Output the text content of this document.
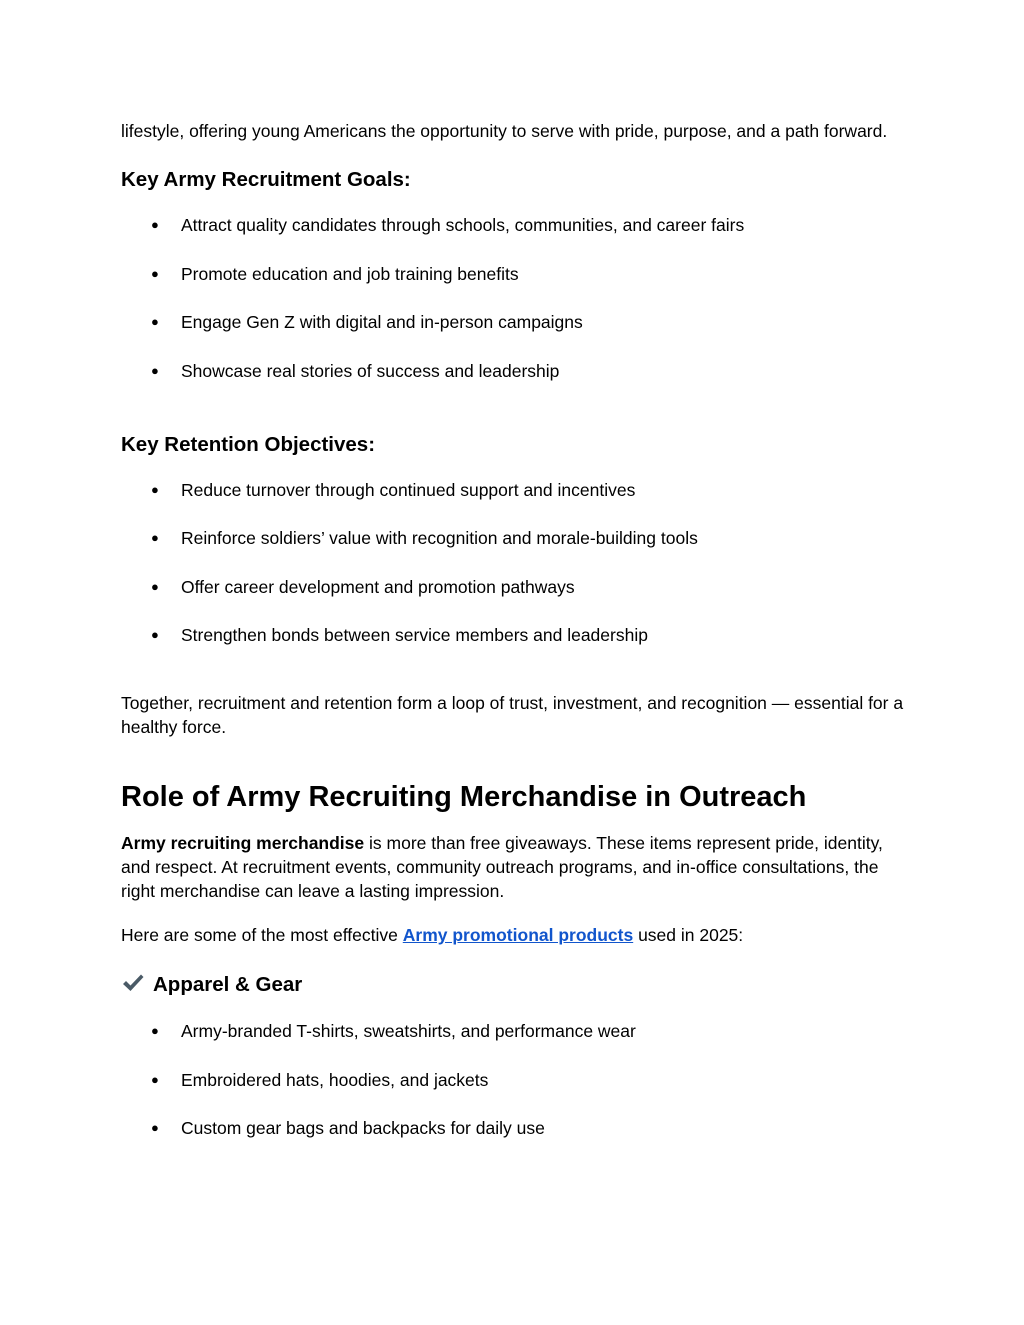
lifestyle, offering young Americans the opportunity to serve with pride, purpose, and a path forward.

Key Army Recruitment Goals:
● Attract quality candidates through schools, communities, and career fairs
● Promote education and job training benefits
● Engage Gen Z with digital and in-person campaigns
● Showcase real stories of success and leadership
Key Retention Objectives:
● Reduce turnover through continued support and incentives
● Reinforce soldiers’ value with recognition and morale-building tools
● Offer career development and promotion pathways
● Strengthen bonds between service members and leadership

Together, recruitment and retention form a loop of trust, investment, and recognition — essential for a healthy force.

Role of Army Recruiting Merchandise in Outreach

Army recruiting merchandise is more than free giveaways. These items represent pride, identity, and respect. At recruitment events, community outreach programs, and in-office consultations, the right merchandise can leave a lasting impression.

Here are some of the most effective Army promotional products used in 2025:

Apparel & Gear
● Army-branded T-shirts, sweatshirts, and performance wear
● Embroidered hats, hoodies, and jackets
● Custom gear bags and backpacks for daily use
